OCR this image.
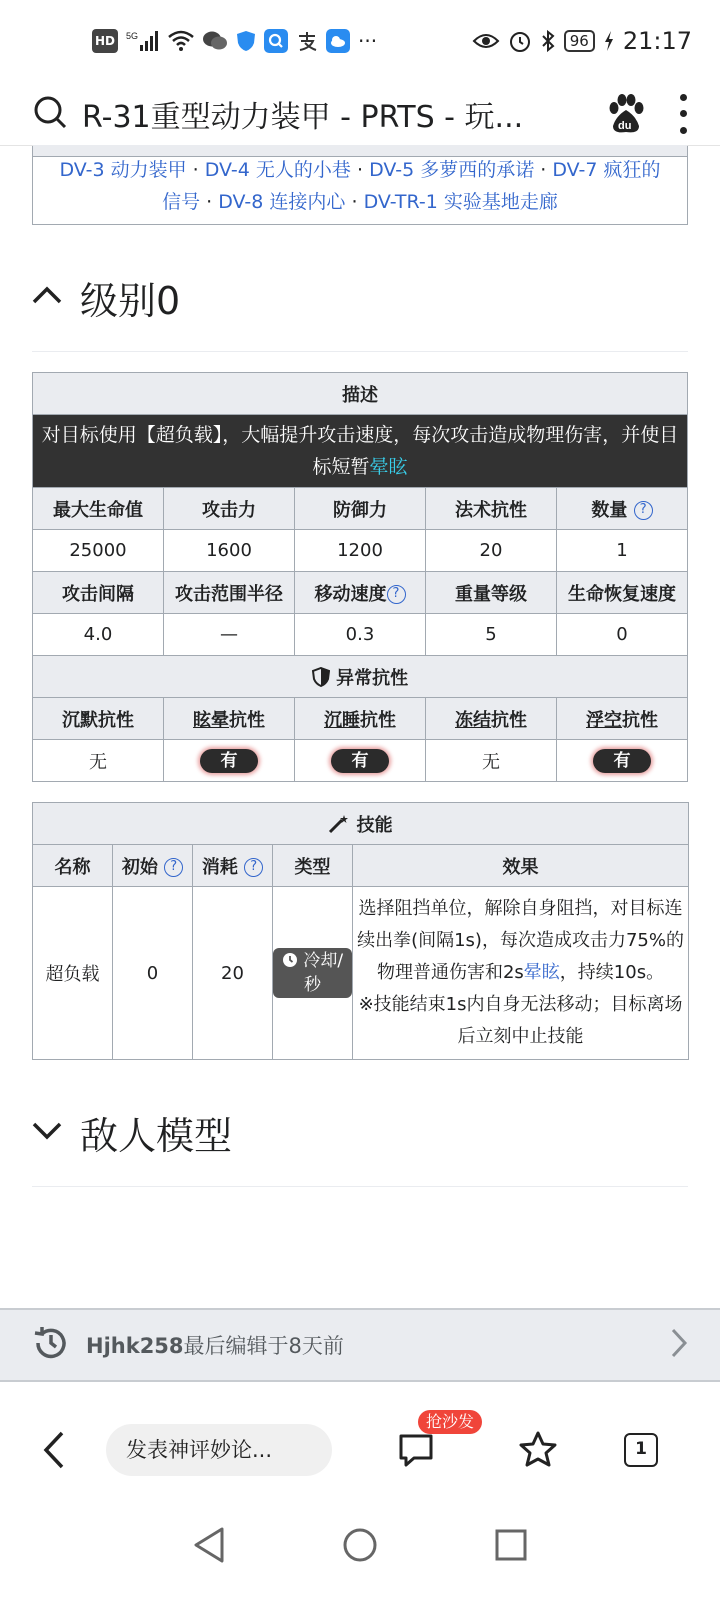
HD	5G	···	96 21:17
R-31重型动力装甲 - PRTS - 玩...	du
DV-3 动力装甲 · DV-4 无人的小巷 · DV-5 多萝西的承诺 · DV-7 疯狂的信号 · DV-8 连接内心 · DV-TR-1 实验基地走廊
级别0
描述				
对目标使用【超负载】，大幅提升攻击速度，每次攻击造成物理伤害，并使目标短暂晕眩				
最大生命值	攻击力	防御力	法术抗性	数量 ?
25000	1600	1200	20	1
攻击间隔	攻击范围半径	移动速度 ?	重量等级	生命恢复速度
4.0	—	0.3	5	0
异常抗性				
沉默抗性	眩晕抗性	沉睡抗性	冻结抗性	浮空抗性
无	有	有	无	有
技能				
名称	初始 ?	消耗 ?	类型	效果
超负载	0	20	冷却/秒	选择阻挡单位，解除自身阻挡，对目标连续出拳(间隔1s)，每次造成攻击力75%的物理普通伤害和2s晕眩，持续10s。
※技能结束1s内自身无法移动；目标离场后立刻中止技能
敌人模型
Hjhk258最后编辑于8天前
发表神评妙论...
抢沙发
1
